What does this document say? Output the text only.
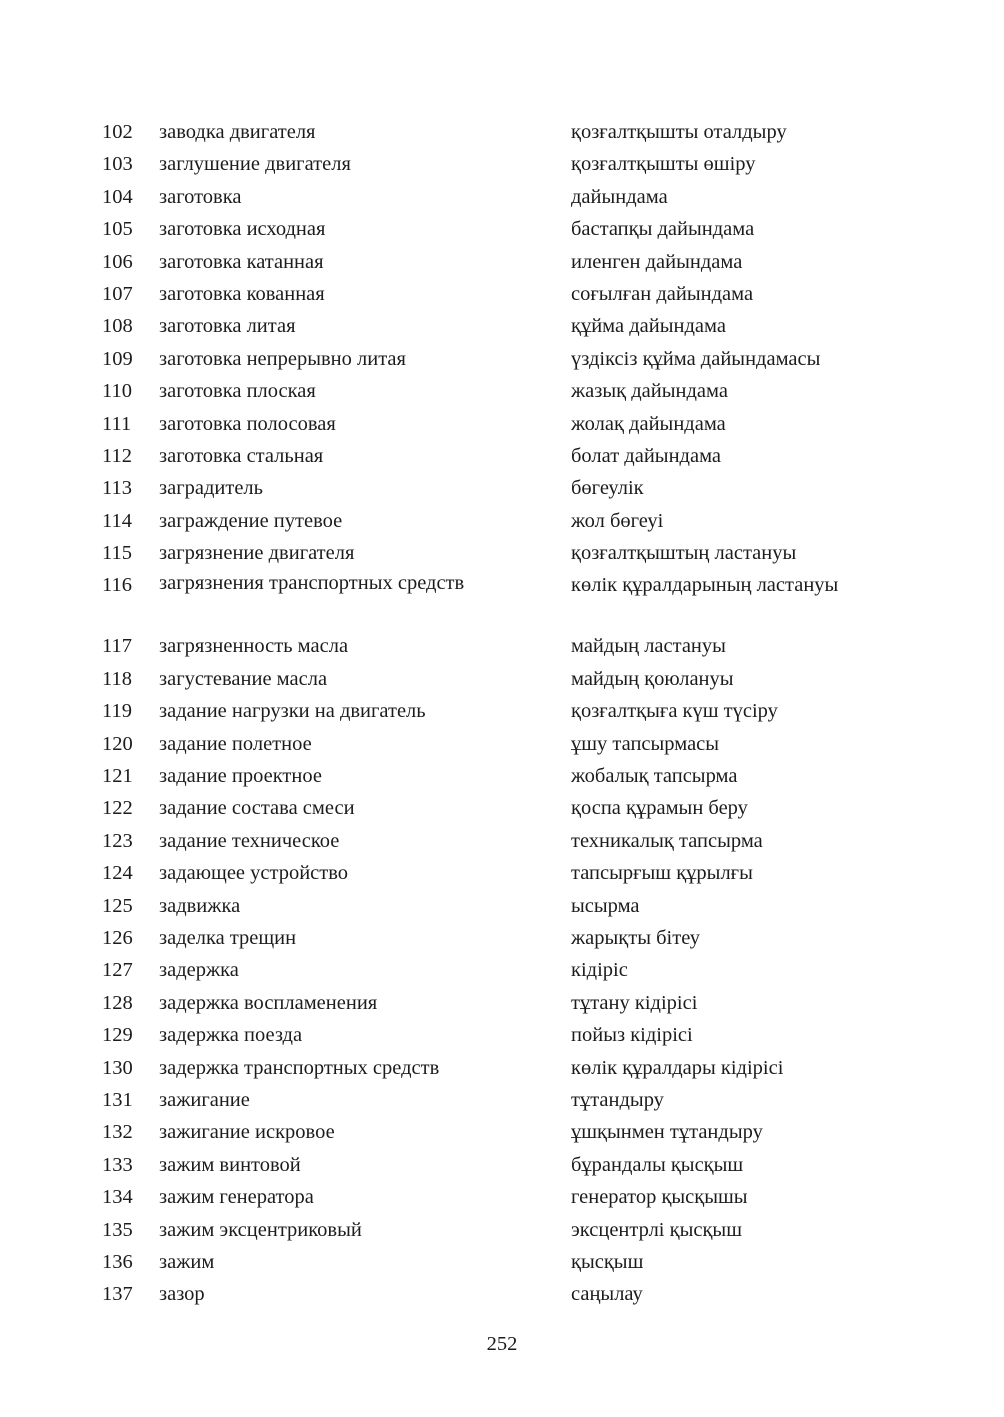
102	заводка двигателя	қозғалтқышты оталдыру
103	заглушение двигателя	қозғалтқышты өшіру
104	заготовка	дайындама
105	заготовка исходная	бастапқы дайындама
106	заготовка катанная	иленген дайындама
107	заготовка кованная	соғылған дайындама
108	заготовка литая	құйма дайындама
109	заготовка непрерывно литая	үздіксіз құйма дайындамасы
110	заготовка плоская	жазық дайындама
111	заготовка полосовая	жолақ дайындама
112	заготовка стальная	болат дайындама
113	заградитель	бөгеулік
114	заграждение путевое	жол бөгеуі
115	загрязнение двигателя	қозғалтқыштың ластануы
116	загрязнения транспортных средств	көлік құралдарының ластануы
117	загрязненность масла	майдың ластануы
118	загустевание масла	майдың қоюлануы
119	задание нагрузки на двигатель	қозғалтқыға күш түсіру
120	задание полетное	ұшу тапсырмасы
121	задание проектное	жобалық тапсырма
122	задание состава смеси	қоспа құрамын беру
123	задание техническое	техникалық тапсырма
124	задающее устройство	тапсырғыш құрылғы
125	задвижка	ысырма
126	заделка трещин	жарықты бітеу
127	задержка	кідіріс
128	задержка воспламенения	тұтану кідірісі
129	задержка поезда	пойыз кідірісі
130	задержка транспортных средств	көлік құралдары кідірісі
131	зажигание	тұтандыру
132	зажигание искровое	ұшқынмен тұтандыру
133	зажим винтовой	бұрандалы қысқыш
134	зажим генератора	генератор қысқышы
135	зажим эксцентриковый	эксцентрлі қысқыш
136	зажим	қысқыш
137	зазор	саңылау
252
